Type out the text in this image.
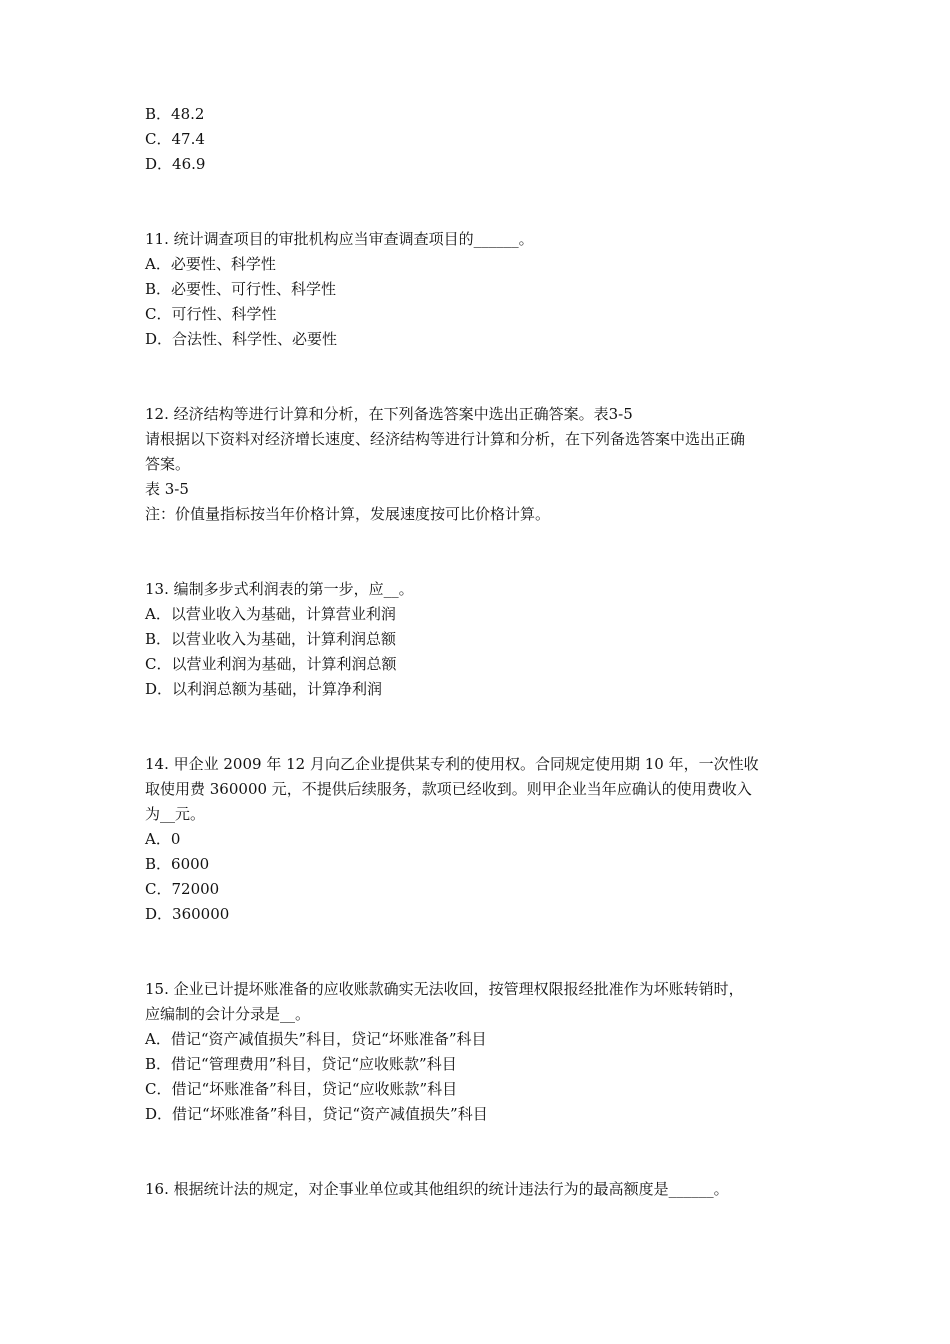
B．48.2
C．47.4
D．46.9
11. 统计调查项目的审批机构应当审查调查项目的______。
A．必要性、科学性
B．必要性、可行性、科学性
C．可行性、科学性
D．合法性、科学性、必要性
12. 经济结构等进行计算和分析，在下列备选答案中选出正确答案。表3-5
请根据以下资料对经济增长速度、经济结构等进行计算和分析，在下列备选答案中选出正确
答案。
表 3-5
注：价值量指标按当年价格计算，发展速度按可比价格计算。
13. 编制多步式利润表的第一步，应__。
A．以营业收入为基础，计算营业利润
B．以营业收入为基础，计算利润总额
C．以营业利润为基础，计算利润总额
D．以利润总额为基础，计算净利润
14. 甲企业 2009 年 12 月向乙企业提供某专利的使用权。合同规定使用期 10 年，一次性收
取使用费 360000 元，不提供后续服务，款项已经收到。则甲企业当年应确认的使用费收入
为__元。
A．0
B．6000
C．72000
D．360000
15. 企业已计提坏账准备的应收账款确实无法收回，按管理权限报经批准作为坏账转销时，
应编制的会计分录是__。
A．借记“资产减值损失”科目，贷记“坏账准备”科目
B．借记“管理费用”科目，贷记“应收账款”科目
C．借记“坏账准备”科目，贷记“应收账款”科目
D．借记“坏账准备”科目，贷记“资产减值损失”科目
16. 根据统计法的规定，对企事业单位或其他组织的统计违法行为的最高额度是______。
